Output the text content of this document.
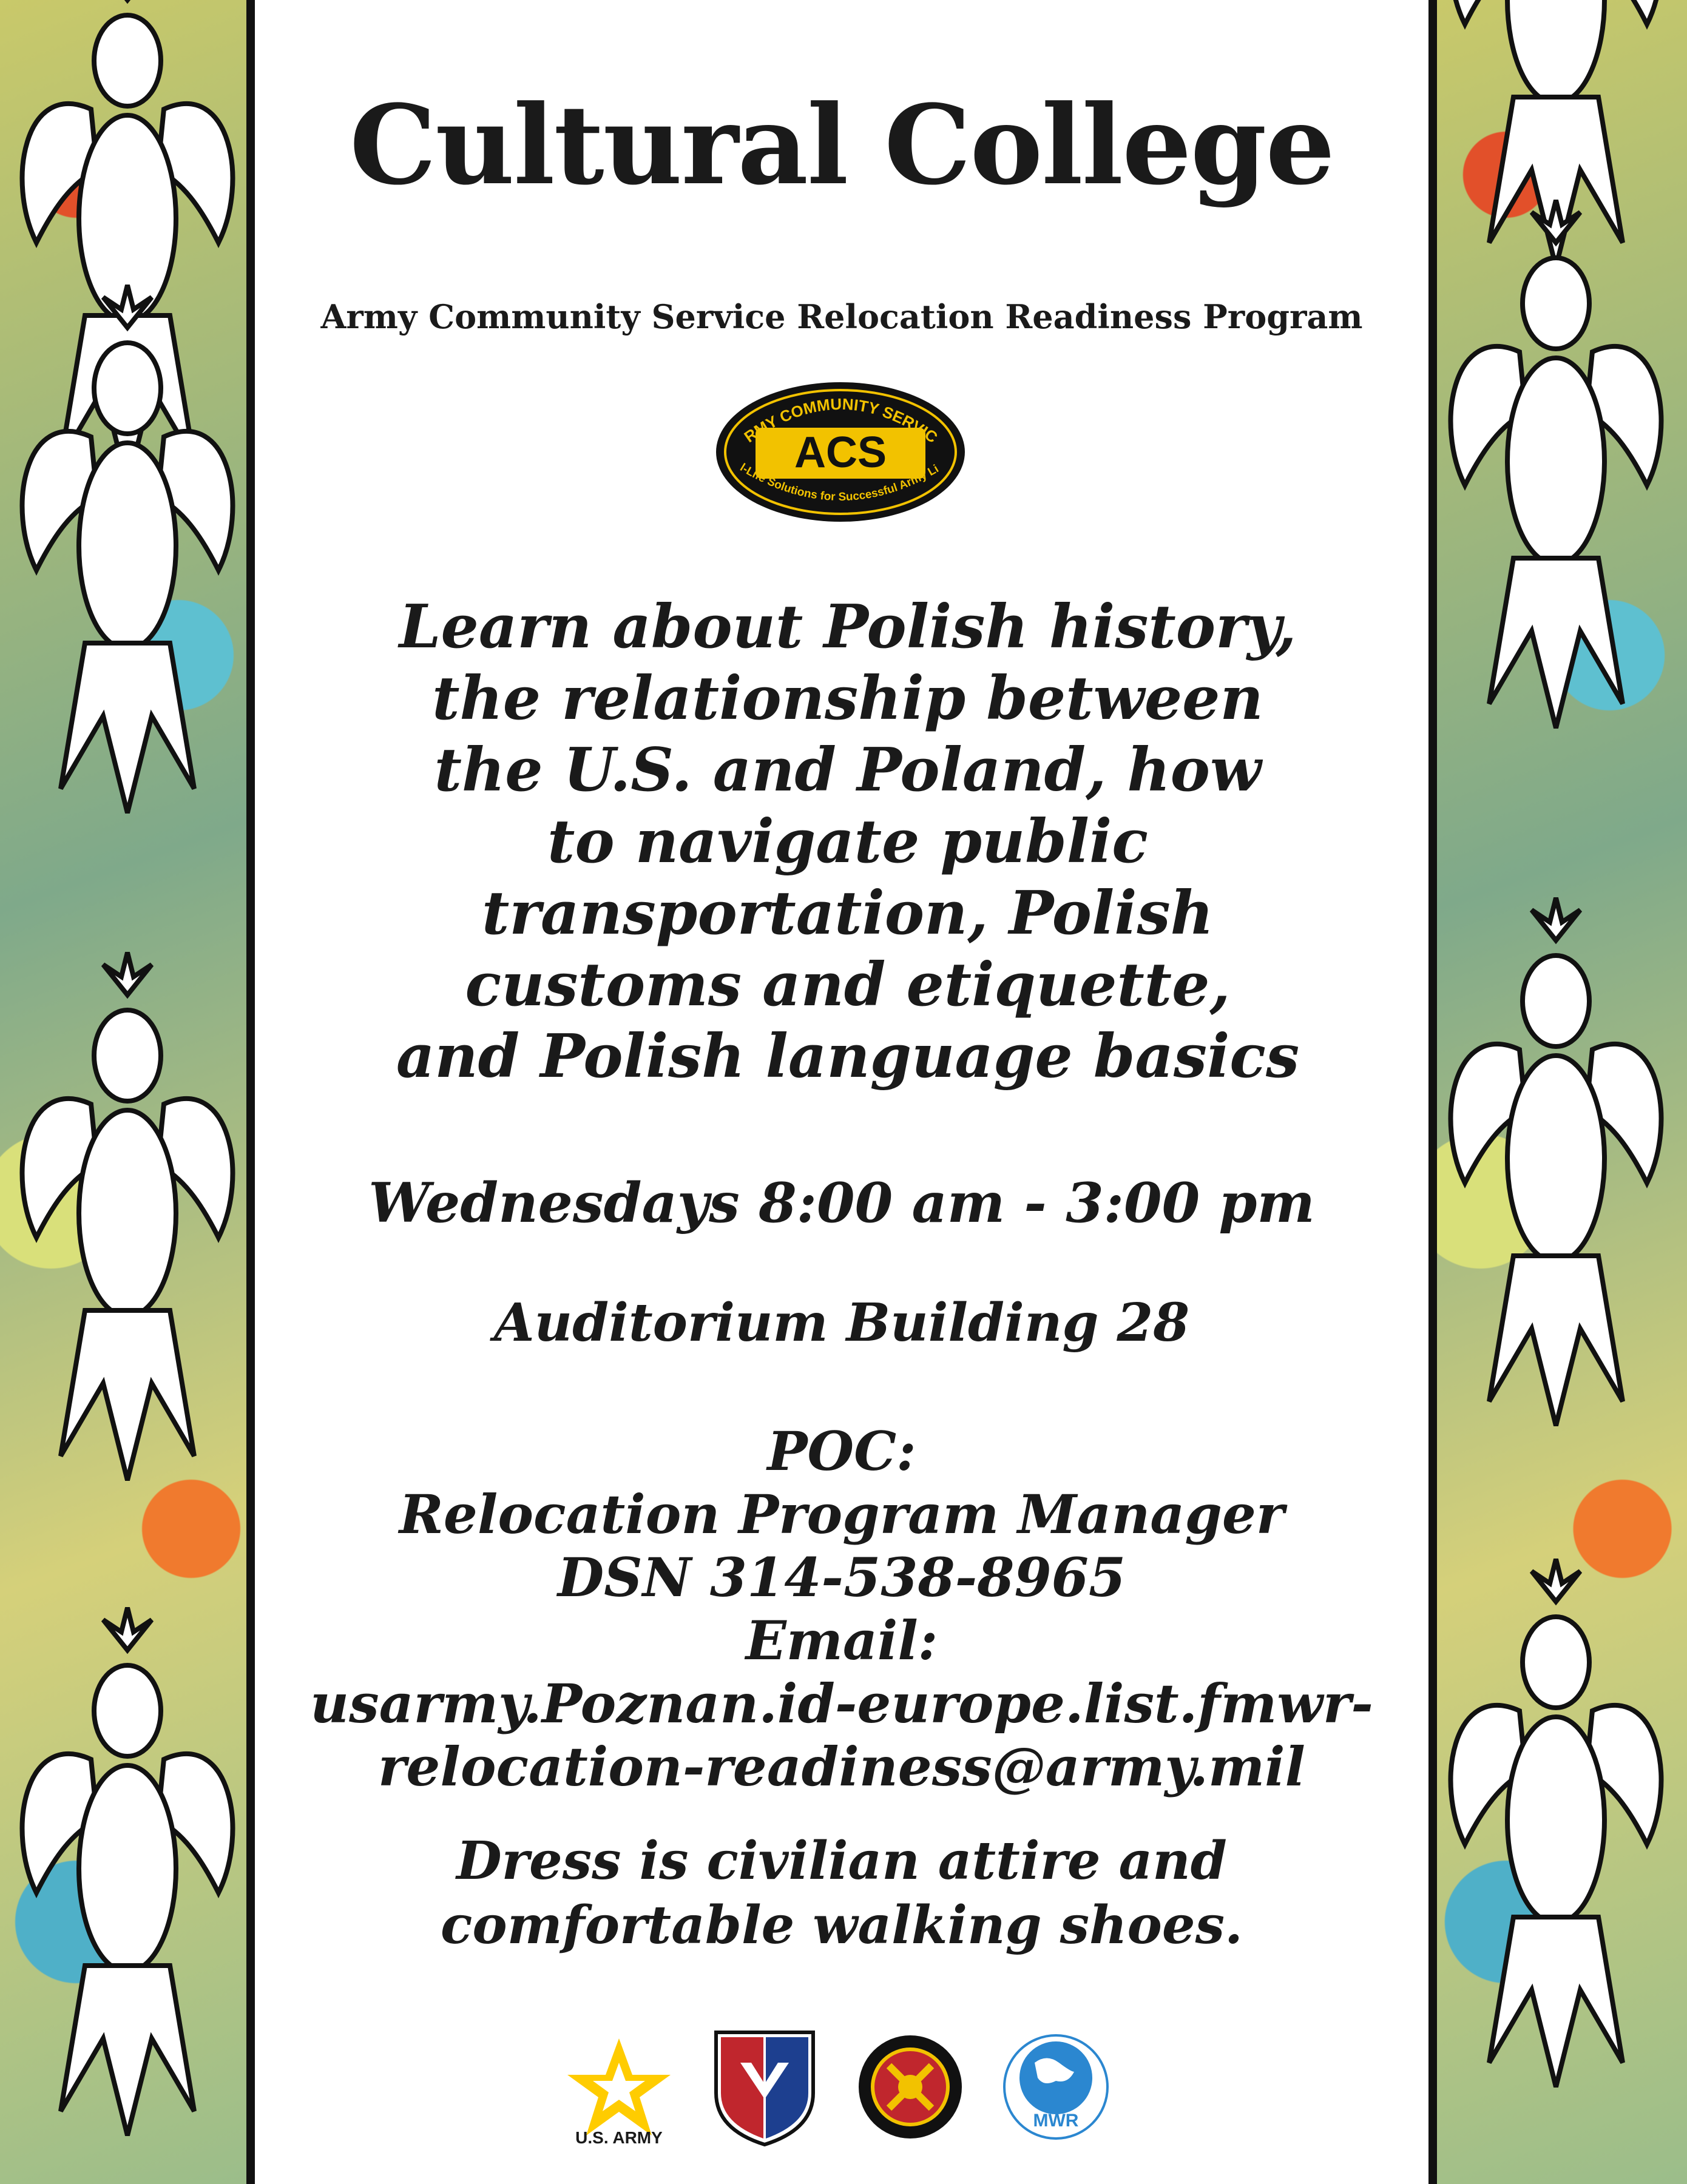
Cultural College
Army Community Service Relocation Readiness Program
RMY COMMUNITY SERVIC
ACS
l-Life Solutions for Successful Army Li
Learn about Polish history, the relationship between the U.S. and Poland, how to navigate public transportation, Polish customs and etiquette, and Polish language basics
Wednesdays 8:00 am - 3:00 pm
Auditorium Building 28
POC:
Relocation Program Manager
DSN 314-538-8965
Email:
usarmy.Poznan.id-europe.list.fmwr-
relocation-readiness@army.mil
Dress is civilian attire and
comfortable walking shoes.
U.S. ARMY
MWR
